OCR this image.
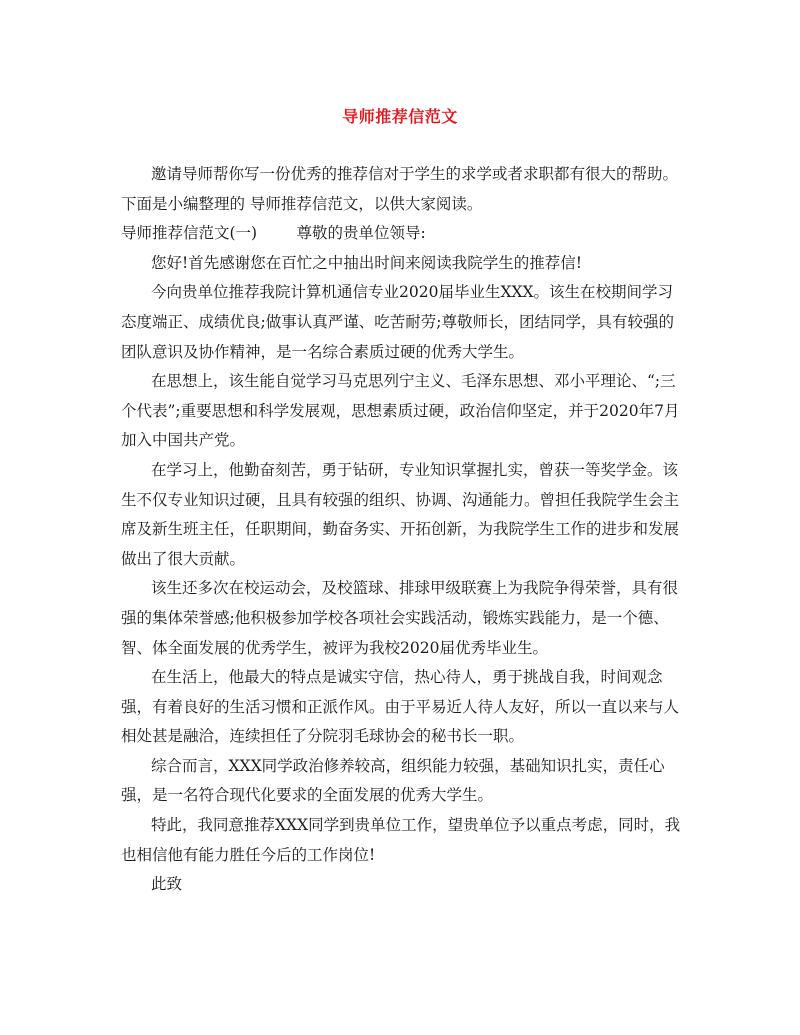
导师推荐信范文

邀请导师帮你写一份优秀的推荐信对于学生的求学或者求职都有很大的帮助。下面是小编整理的 导师推荐信范文，以供大家阅读。

导师推荐信范文(一)	尊敬的贵单位领导:

您好!首先感谢您在百忙之中抽出时间来阅读我院学生的推荐信!

今向贵单位推荐我院计算机通信专业2020届毕业生XXX。该生在校期间学习态度端正、成绩优良;做事认真严谨、吃苦耐劳;尊敬师长，团结同学，具有较强的团队意识及协作精神，是一名综合素质过硬的优秀大学生。

在思想上，该生能自觉学习马克思列宁主义、毛泽东思想、邓小平理论、“;三个代表”;重要思想和科学发展观，思想素质过硬，政治信仰坚定，并于2020年7月加入中国共产党。

在学习上，他勤奋刻苦，勇于钻研，专业知识掌握扎实，曾获一等奖学金。该生不仅专业知识过硬，且具有较强的组织、协调、沟通能力。曾担任我院学生会主席及新生班主任，任职期间，勤奋务实、开拓创新，为我院学生工作的进步和发展做出了很大贡献。

该生还多次在校运动会，及校篮球、排球甲级联赛上为我院争得荣誉，具有很强的集体荣誉感;他积极参加学校各项社会实践活动，锻炼实践能力，是一个德、智、体全面发展的优秀学生，被评为我校2020届优秀毕业生。

在生活上，他最大的特点是诚实守信，热心待人，勇于挑战自我，时间观念强，有着良好的生活习惯和正派作风。由于平易近人待人友好，所以一直以来与人相处甚是融洽，连续担任了分院羽毛球协会的秘书长一职。

综合而言，XXX同学政治修养较高，组织能力较强，基础知识扎实，责任心强，是一名符合现代化要求的全面发展的优秀大学生。

特此，我同意推荐XXX同学到贵单位工作，望贵单位予以重点考虑，同时，我也相信他有能力胜任今后的工作岗位!

此致
